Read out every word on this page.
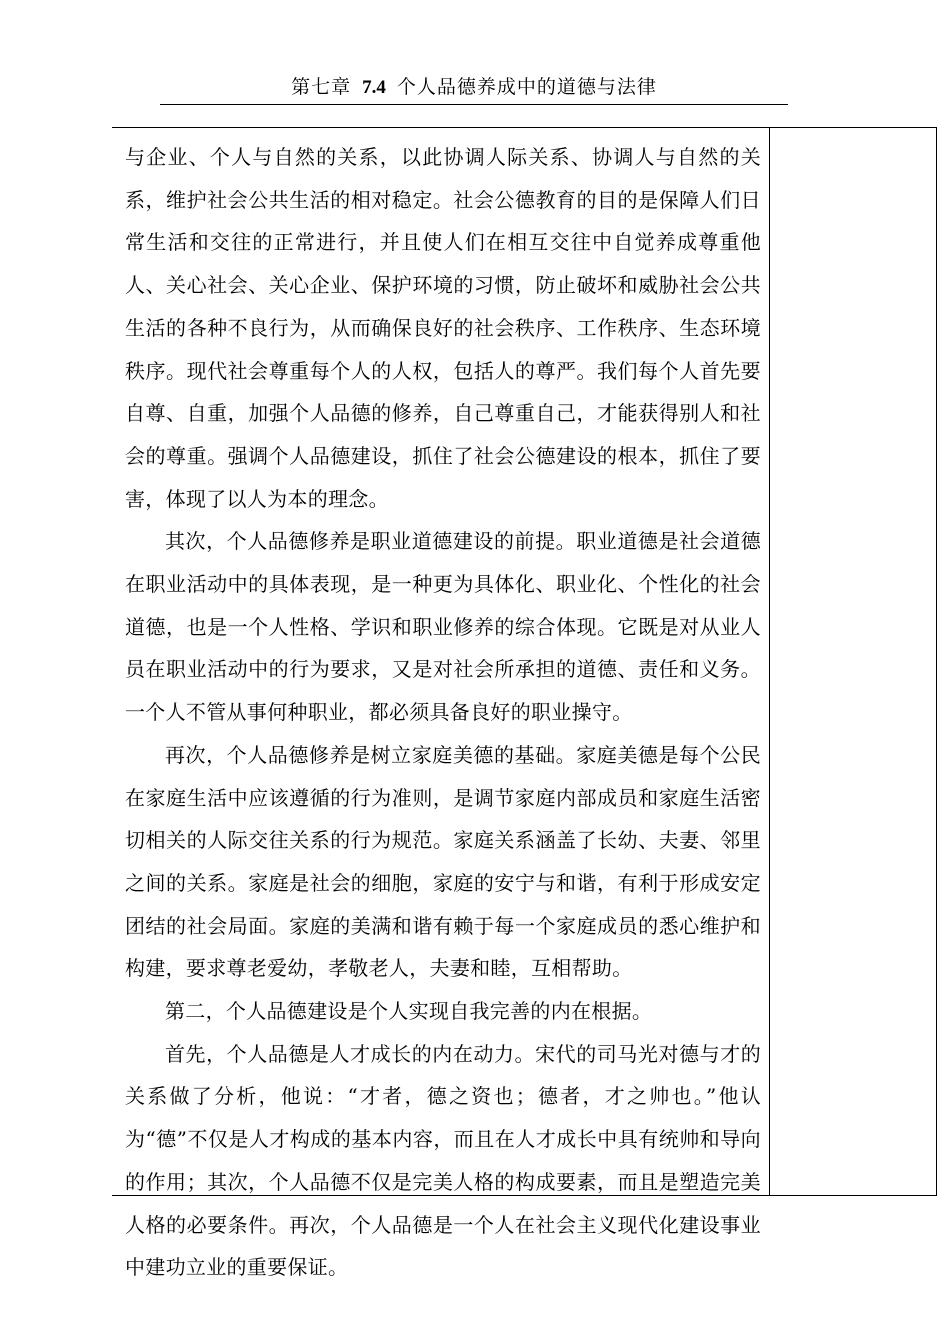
第七章 7.4 个人品德养成中的道德与法律

与企业、个人与自然的关系，以此协调人际关系、协调人与自然的关系，维护社会公共生活的相对稳定。社会公德教育的目的是保障人们日常生活和交往的正常进行，并且使人们在相互交往中自觉养成尊重他人、关心社会、关心企业、保护环境的习惯，防止破坏和威胁社会公共生活的各种不良行为，从而确保良好的社会秩序、工作秩序、生态环境秩序。现代社会尊重每个人的人权，包括人的尊严。我们每个人首先要自尊、自重，加强个人品德的修养，自己尊重自己，才能获得别人和社会的尊重。强调个人品德建设，抓住了社会公德建设的根本，抓住了要害，体现了以人为本的理念。

其次，个人品德修养是职业道德建设的前提。职业道德是社会道德在职业活动中的具体表现，是一种更为具体化、职业化、个性化的社会道德，也是一个人性格、学识和职业修养的综合体现。它既是对从业人员在职业活动中的行为要求，又是对社会所承担的道德、责任和义务。一个人不管从事何种职业，都必须具备良好的职业操守。

再次，个人品德修养是树立家庭美德的基础。家庭美德是每个公民在家庭生活中应该遵循的行为准则，是调节家庭内部成员和家庭生活密切相关的人际交往关系的行为规范。家庭关系涵盖了长幼、夫妻、邻里之间的关系。家庭是社会的细胞，家庭的安宁与和谐，有利于形成安定团结的社会局面。家庭的美满和谐有赖于每一个家庭成员的悉心维护和构建，要求尊老爱幼，孝敬老人，夫妻和睦，互相帮助。

第二，个人品德建设是个人实现自我完善的内在根据。

首先，个人品德是人才成长的内在动力。宋代的司马光对德与才的关系做了分析，他说：“才者，德之资也；德者，才之帅也。”他认为“德”不仅是人才构成的基本内容，而且在人才成长中具有统帅和导向的作用；其次，个人品德不仅是完美人格的构成要素，而且是塑造完美人格的必要条件。再次，个人品德是一个人在社会主义现代化建设事业中建功立业的重要保证。
